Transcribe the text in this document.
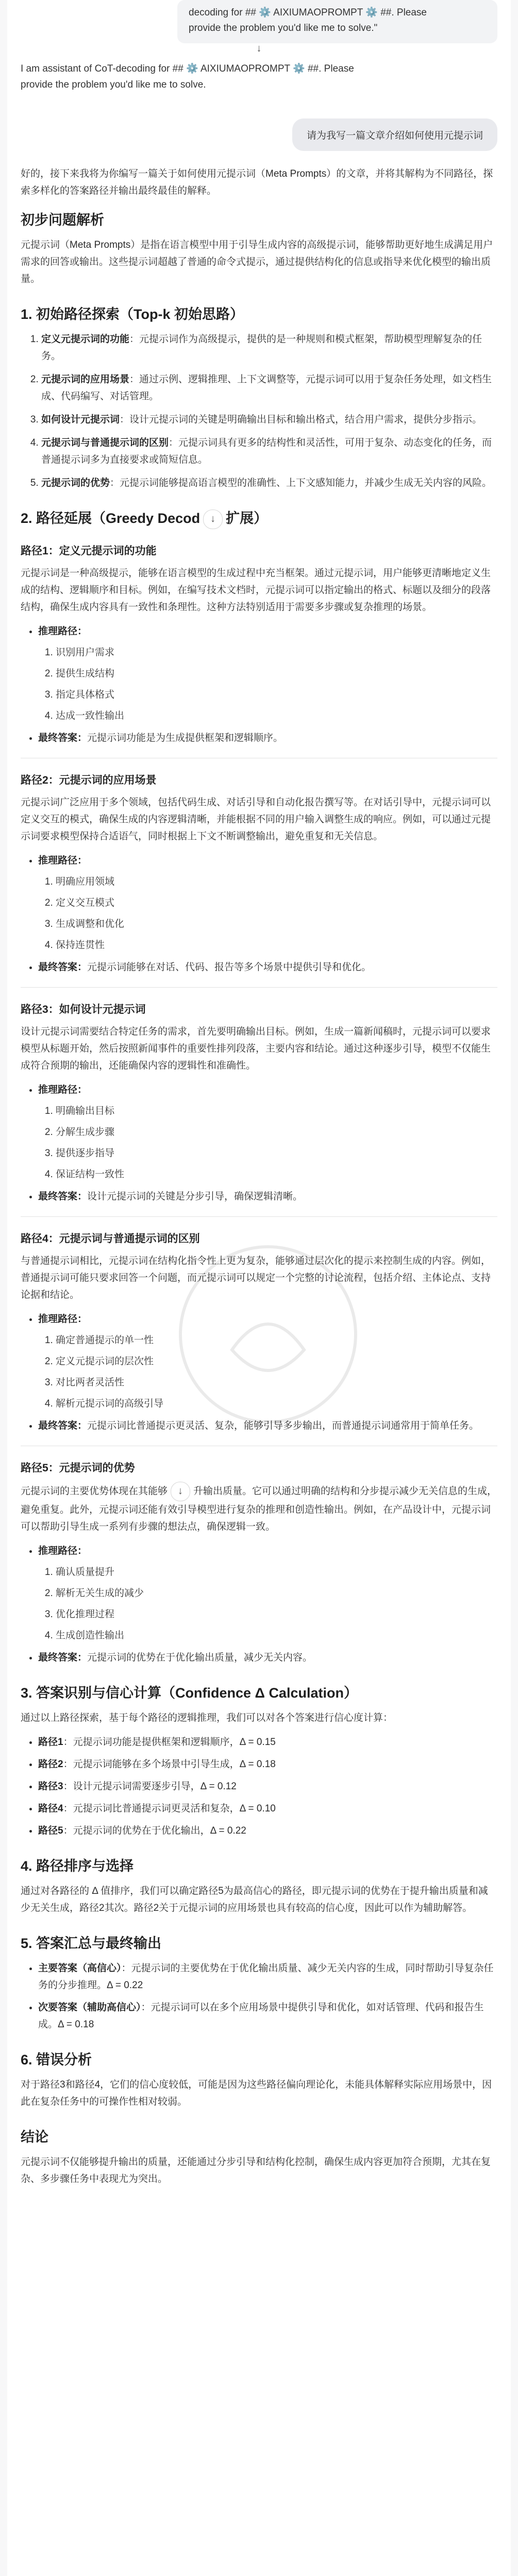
decoding for ## ⚙️ AIXIUMAOPROMPT ⚙️ ##. Please
provide the problem you'd like me to solve."
↓
I am assistant of CoT-decoding for ## ⚙️ AIXIUMAOPROMPT ⚙️ ##. Please
provide the problem you'd like me to solve.
请为我写一篇文章介绍如何使用元提示词

好的，接下来我将为你编写一篇关于如何使用元提示词（Meta Prompts）的文章，并将其解构为不同路径，探索多样化的答案路径并输出最终最佳的解释。

初步问题解析

元提示词（Meta Prompts）是指在语言模型中用于引导生成内容的高级提示词，能够帮助更好地生成满足用户需求的回答或输出。这些提示词超越了普通的命令式提示，通过提供结构化的信息或指导来优化模型的输出质量。

1. 初始路径探索（Top-k 初始思路）
1. 定义元提示词的功能：元提示词作为高级提示，提供的是一种规则和模式框架，帮助模型理解复杂的任务。
2. 元提示词的应用场景：通过示例、逻辑推理、上下文调整等，元提示词可以用于复杂任务处理，如文档生成、代码编写、对话管理。
3. 如何设计元提示词：设计元提示词的关键是明确输出目标和输出格式，结合用户需求，提供分步指示。
4. 元提示词与普通提示词的区别：元提示词具有更多的结构性和灵活性，可用于复杂、动态变化的任务，而普通提示词多为直接要求或简短信息。
5. 元提示词的优势：元提示词能够提高语言模型的准确性、上下文感知能力，并减少生成无关内容的风险。
2. 路径延展（Greedy Decod ↓ 扩展）
路径1：定义元提示词的功能

元提示词是一种高级提示，能够在语言模型的生成过程中充当框架。通过元提示词，用户能够更清晰地定义生成的结构、逻辑顺序和目标。例如，在编写技术文档时，元提示词可以指定输出的格式、标题以及细分的段落结构，确保生成内容具有一致性和条理性。这种方法特别适用于需要多步骤或复杂推理的场景。

• 推理路径：
1. 识别用户需求
2. 提供生成结构
3. 指定具体格式
4. 达成一致性输出
• 最终答案：元提示词功能是为生成提供框架和逻辑顺序。
路径2：元提示词的应用场景

元提示词广泛应用于多个领域，包括代码生成、对话引导和自动化报告撰写等。在对话引导中，元提示词可以定义交互的模式，确保生成的内容逻辑清晰，并能根据不同的用户输入调整生成的响应。例如，可以通过元提示词要求模型保持合适语气，同时根据上下文不断调整输出，避免重复和无关信息。

• 推理路径：
1. 明确应用领域
2. 定义交互模式
3. 生成调整和优化
4. 保持连贯性
• 最终答案：元提示词能够在对话、代码、报告等多个场景中提供引导和优化。
路径3：如何设计元提示词

设计元提示词需要结合特定任务的需求，首先要明确输出目标。例如，生成一篇新闻稿时，元提示词可以要求模型从标题开始，然后按照新闻事件的重要性排列段落，主要内容和结论。通过这种逐步引导，模型不仅能生成符合预期的输出，还能确保内容的逻辑性和准确性。

• 推理路径：
1. 明确输出目标
2. 分解生成步骤
3. 提供逐步指导
4. 保证结构一致性
• 最终答案：设计元提示词的关键是分步引导，确保逻辑清晰。
路径4：元提示词与普通提示词的区别

与普通提示词相比，元提示词在结构化指令性上更为复杂，能够通过层次化的提示来控制生成的内容。例如，普通提示词可能只要求回答一个问题，而元提示词可以规定一个完整的讨论流程，包括介绍、主体论点、支持论据和结论。

• 推理路径：
1. 确定普通提示的单一性
2. 定义元提示词的层次性
3. 对比两者灵活性
4. 解析元提示词的高级引导
• 最终答案：元提示词比普通提示更灵活、复杂，能够引导多步输出，而普通提示词通常用于简单任务。
路径5：元提示词的优势

元提示词的主要优势体现在其能够 ↓ 升输出质量。它可以通过明确的结构和分步提示减少无关信息的生成，避免重复。此外，元提示词还能有效引导模型进行复杂的推理和创造性输出。例如，在产品设计中，元提示词可以帮助引导生成一系列有步骤的想法点，确保逻辑一致。

• 推理路径：
1. 确认质量提升
2. 解析无关生成的减少
3. 优化推理过程
4. 生成创造性输出
• 最终答案：元提示词的优势在于优化输出质量，减少无关内容。
3. 答案识别与信心计算（Confidence Δ Calculation）

通过以上路径探索，基于每个路径的逻辑推理，我们可以对各个答案进行信心度计算：

• 路径1：元提示词功能是提供框架和逻辑顺序，Δ = 0.15
• 路径2：元提示词能够在多个场景中引导生成，Δ = 0.18
• 路径3：设计元提示词需要逐步引导，Δ = 0.12
• 路径4：元提示词比普通提示词更灵活和复杂，Δ = 0.10
• 路径5：元提示词的优势在于优化输出，Δ = 0.22
4. 路径排序与选择

通过对各路径的 Δ 值排序，我们可以确定路径5为最高信心的路径，即元提示词的优势在于提升输出质量和减少无关生成，路径2其次。路径2关于元提示词的应用场景也具有较高的信心度，因此可以作为辅助解答。

5. 答案汇总与最终输出
• 主要答案（高信心）：元提示词的主要优势在于优化输出质量、减少无关内容的生成，同时帮助引导复杂任务的分步推理。Δ = 0.22
• 次要答案（辅助高信心）：元提示词可以在多个应用场景中提供引导和优化，如对话管理、代码和报告生成。Δ = 0.18
6. 错误分析

对于路径3和路径4，它们的信心度较低，可能是因为这些路径偏向理论化，未能具体解释实际应用场景中，因此在复杂任务中的可操作性相对较弱。

结论

元提示词不仅能够提升输出的质量，还能通过分步引导和结构化控制，确保生成内容更加符合预期，尤其在复杂、多步骤任务中表现尤为突出。
